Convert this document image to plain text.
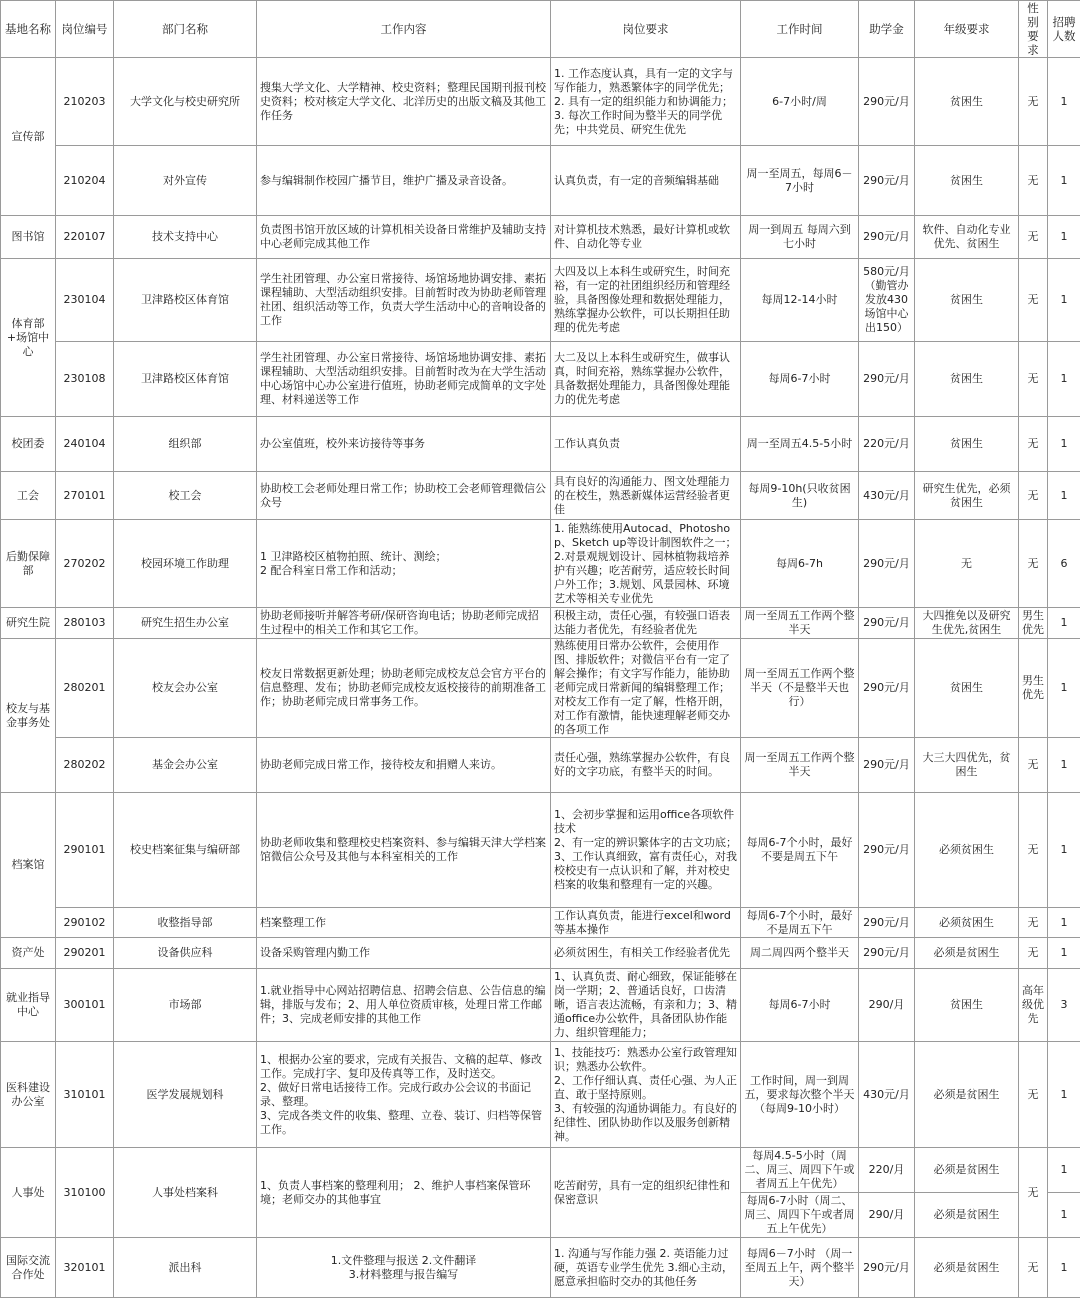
基地名称	岗位编号	部门名称	工作内容	岗位要求	工作时间	助学金	年级要求	性别要求	招聘人数
宣传部	210203	大学文化与校史研究所	搜集大学文化、大学精神、校史资料；整理民国期刊报刊校史资料；校对核定大学文化、北洋历史的出版文稿及其他工作任务	1. 工作态度认真，具有一定的文字与写作能力，熟悉繁体字的同学优先；
2. 具有一定的组织能力和协调能力；
3. 每次工作时间为整半天的同学优先；中共党员、研究生优先	6-7小时/周	290元/月	贫困生	无	1
	210204	对外宣传	参与编辑制作校园广播节目，维护广播及录音设备。	认真负责，有一定的音频编辑基础	周一至周五，每周6－7小时	290元/月	贫困生	无	1
图书馆	220107	技术支持中心	负责图书馆开放区域的计算机相关设备日常维护及辅助支持中心老师完成其他工作	对计算机技术熟悉，最好计算机或软件、自动化等专业	周一到周五 每周六到七小时	290元/月	软件、自动化专业优先、贫困生	无	1
体育部+场馆中心	230104	卫津路校区体育馆	学生社团管理、办公室日常接待、场馆场地协调安排、素拓课程辅助、大型活动组织安排。目前暂时改为协助老师管理社团、组织活动等工作，负责大学生活动中心的音响设备的工作	大四及以上本科生或研究生，时间充裕，有一定的社团组织经历和管理经验，具备图像处理和数据处理能力，熟练掌握办公软件，可以长期担任助理的优先考虑	每周12-14小时	580元/月（勤管办发放430场馆中心出150）	贫困生	无	1
	230108	卫津路校区体育馆	学生社团管理、办公室日常接待、场馆场地协调安排、素拓课程辅助、大型活动组织安排。目前暂时改为在大学生活动中心场馆中心办公室进行值班，协助老师完成简单的文字处理、材料递送等工作	大二及以上本科生或研究生，做事认真，时间充裕，熟练掌握办公软件，具备数据处理能力，具备图像处理能力的优先考虑	每周6-7小时	290元/月	贫困生	无	1
校团委	240104	组织部	办公室值班，校外来访接待等事务	工作认真负责	周一至周五4.5-5小时	220元/月	贫困生	无	1
工会	270101	校工会	协助校工会老师处理日常工作；协助校工会老师管理微信公众号	具有良好的沟通能力、图文处理能力的在校生，熟悉新媒体运营经验者更佳	每周9-10h(只收贫困生)	430元/月	研究生优先，必须贫困生	无	1
后勤保障部	270202	校园环境工作助理	1 卫津路校区植物拍照、统计、测绘；
2 配合科室日常工作和活动；	1. 能熟练使用Autocad、Photoshop、Sketch up等设计制图软件之一；
2.对景观规划设计、园林植物栽培养护有兴趣；吃苦耐劳，适应较长时间户外工作；3.规划、风景园林、环境艺术等相关专业优先	每周6-7h	290元/月	无	无	6
研究生院	280103	研究生招生办公室	协助老师接听并解答考研/保研咨询电话；协助老师完成招生过程中的相关工作和其它工作。	积极主动，责任心强，有较强口语表达能力者优先，有经验者优先	周一至周五工作两个整半天	290元/月	大四推免以及研究生优先,贫困生	男生优先	1
校友与基金事务处	280201	校友会办公室	校友日常数据更新处理；协助老师完成校友总会官方平台的信息整理、发布；协助老师完成校友返校接待的前期准备工作；协助老师完成日常事务工作。	熟练使用日常办公软件，会使用作图、排版软件；对微信平台有一定了解会操作；有文字写作能力，能协助老师完成日常新闻的编辑整理工作；对校友工作有一定了解，性格开朗，对工作有激情，能快速理解老师交办的各项工作	周一至周五工作两个整半天（不是整半天也行）	290元/月	贫困生	男生优先	1
	280202	基金会办公室	协助老师完成日常工作，接待校友和捐赠人来访。	责任心强，熟练掌握办公软件，有良好的文字功底，有整半天的时间。	周一至周五工作两个整半天	290元/月	大三大四优先，贫困生	无	1
档案馆	290101	校史档案征集与编研部	协助老师收集和整理校史档案资料、参与编辑天津大学档案馆微信公众号及其他与本科室相关的工作	1、会初步掌握和运用office各项软件技术
2、有一定的辨识繁体字的古文功底；
3、工作认真细致，富有责任心，对我校校史有一点认识和了解，并对校史档案的收集和整理有一定的兴趣。	每周6-7个小时，最好不要是周五下午	290元/月	必须贫困生	无	1
	290102	收整指导部	档案整理工作	工作认真负责，能进行excel和word等基本操作	每周6-7个小时，最好不是周五下午	290元/月	必须贫困生	无	1
资产处	290201	设备供应科	设备采购管理内勤工作	必须贫困生，有相关工作经验者优先	周二周四两个整半天	290元/月	必须是贫困生	无	1
就业指导中心	300101	市场部	1.就业指导中心网站招聘信息、招聘会信息、公告信息的编辑，排版与发布；2、用人单位资质审核，处理日常工作邮件；3、完成老师安排的其他工作	1、认真负责、耐心细致，保证能够在岗一学期；2、普通话良好，口齿清晰，语言表达流畅，有亲和力；3、精通office办公软件，具备团队协作能力、组织管理能力；	每周6-7小时	290/月	贫困生	高年级优先	3
医科建设办公室	310101	医学发展规划科	1、根据办公室的要求，完成有关报告、文稿的起草、修改工作。完成打字、复印及传真等工作，及时送交。
2、做好日常电话接待工作。完成行政办公会议的书面记录、整理。
3、完成各类文件的收集、整理、立卷、装订、归档等保管工作。	1、技能技巧：熟悉办公室行政管理知识；熟悉办公软件。
2、工作仔细认真、责任心强、为人正直、敢于坚持原则。
3、有较强的沟通协调能力。有良好的纪律性、团队协助作以及服务创新精神。	工作时间，周一到周五，要求每次整个半天
（每周9-10小时）	430元/月	必须是贫困生	无	1
人事处	310100	人事处档案科	1、负责人事档案的整理利用； 2、维护人事档案保管环境；老师交办的其他事宜	吃苦耐劳，具有一定的组织纪律性和保密意识	每周4.5-5小时（周二、周三、周四下午或者周五上午优先）	220/月	必须是贫困生	无	1
					每周6-7小时（周二、周三、周四下午或者周五上午优先）	290/月	必须是贫困生		1
国际交流合作处	320101	派出科	1.文件整理与报送 2.文件翻译
3.材料整理与报告编写	1. 沟通与写作能力强 2. 英语能力过硬，英语专业学生优先 3.细心主动，愿意承担临时交办的其他任务	每周6－7小时 （周一至周五上午，两个整半天）	290元/月	必须是贫困生	无	1
